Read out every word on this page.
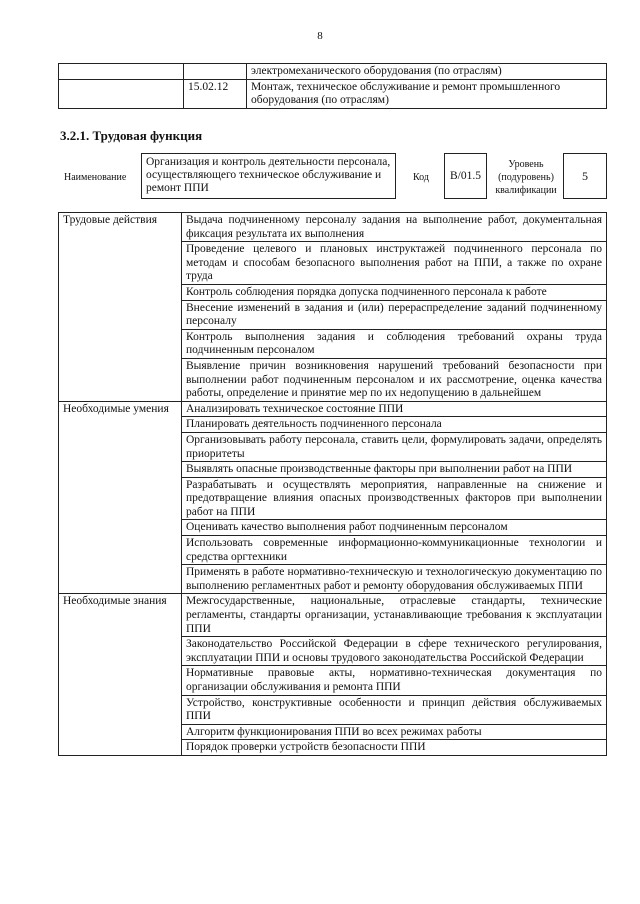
8
		электромеханического оборудования (по отраслям)
	15.02.12	Монтаж, техническое обслуживание и ремонт промышленного оборудования (по отраслям)
3.2.1. Трудовая функция
Наименование
Организация и контроль деятельности персонала, осуществляющего техническое обслуживание и ремонт ППИ
Код	B/01.5
Уровень (подуровень) квалификации
5
Трудовые действия	Выдача подчиненному персоналу задания на выполнение работ, документальная фиксация результата их выполнения
	Проведение целевого и плановых инструктажей подчиненного персонала по методам и способам безопасного выполнения работ на ППИ, а также по охране труда
	Контроль соблюдения порядка допуска подчиненного персонала к работе
	Внесение изменений в задания и (или) перераспределение заданий подчиненному персоналу
	Контроль выполнения задания и соблюдения требований охраны труда подчиненным персоналом
	Выявление причин возникновения нарушений требований безопасности при выполнении работ подчиненным персоналом и их рассмотрение, оценка качества работы, определение и принятие мер по их недопущению в дальнейшем
Необходимые умения	Анализировать техническое состояние ППИ
	Планировать деятельность подчиненного персонала
	Организовывать работу персонала, ставить цели, формулировать задачи, определять приоритеты
	Выявлять опасные производственные факторы при выполнении работ на ППИ
	Разрабатывать и осуществлять мероприятия, направленные на снижение и предотвращение влияния опасных производственных факторов при выполнении работ на ППИ
	Оценивать качество выполнения работ подчиненным персоналом
	Использовать современные информационно-коммуникационные технологии и средства оргтехники
	Применять в работе нормативно-техническую и технологическую документацию по выполнению регламентных работ и ремонту оборудования обслуживаемых ППИ
Необходимые знания	Межгосударственные, национальные, отраслевые стандарты, технические регламенты, стандарты организации, устанавливающие требования к эксплуатации ППИ
	Законодательство Российской Федерации в сфере технического регулирования, эксплуатации ППИ и основы трудового законодательства Российской Федерации
	Нормативные правовые акты, нормативно-техническая документация по организации обслуживания и ремонта ППИ
	Устройство, конструктивные особенности и принцип действия обслуживаемых ППИ
	Алгоритм функционирования ППИ во всех режимах работы
	Порядок проверки устройств безопасности ППИ
